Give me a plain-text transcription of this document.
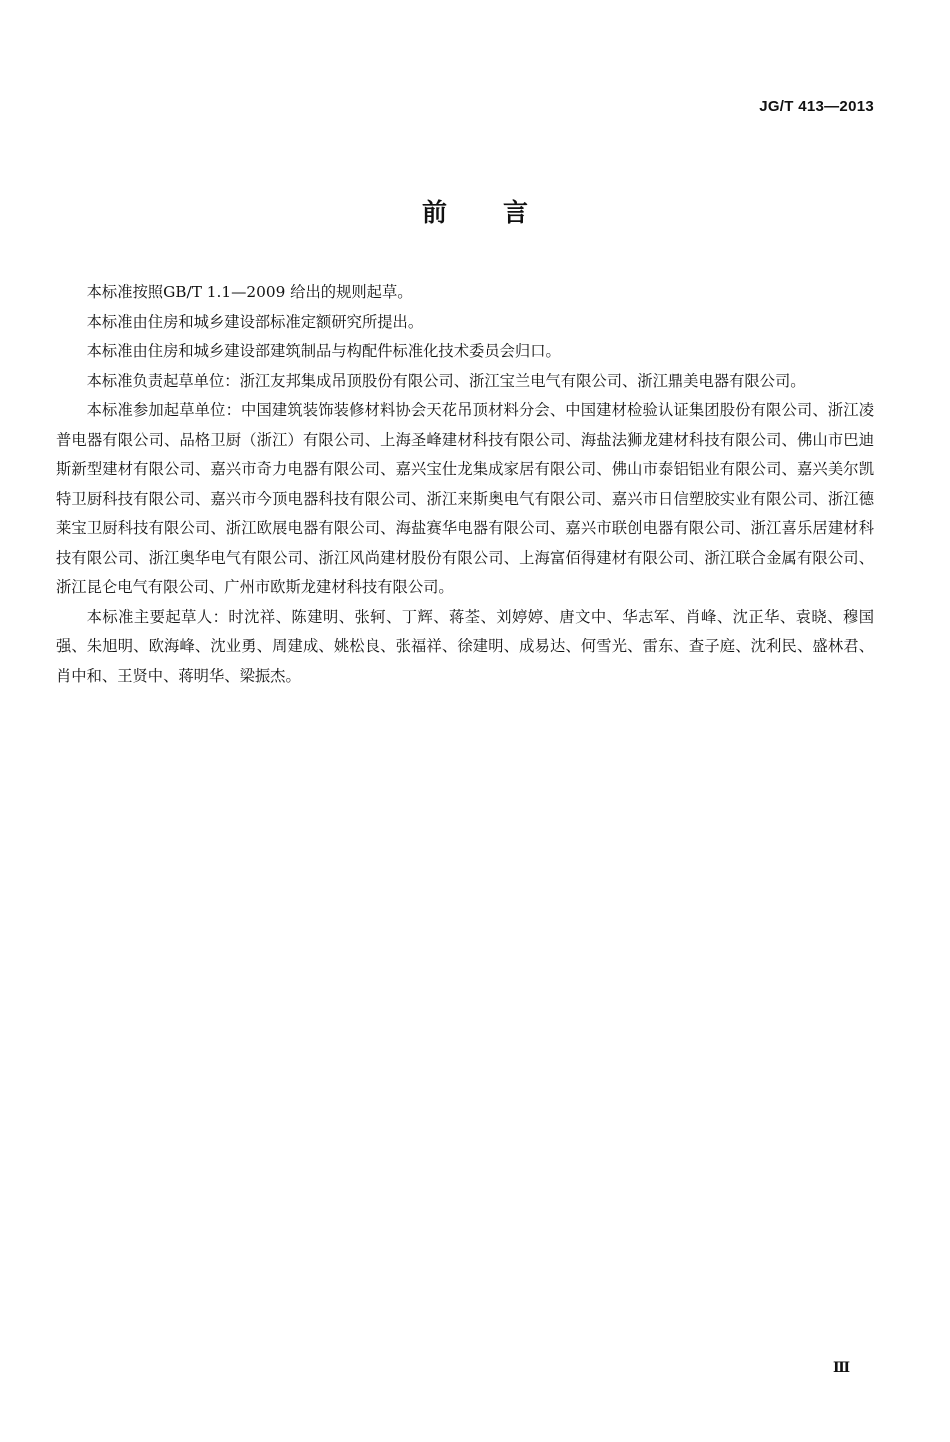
JG/T 413—2013
前言

本标准按照GB/T 1.1—2009 给出的规则起草。

本标准由住房和城乡建设部标准定额研究所提出。

本标准由住房和城乡建设部建筑制品与构配件标准化技术委员会归口。

本标准负责起草单位：浙江友邦集成吊顶股份有限公司、浙江宝兰电气有限公司、浙江鼎美电器有限公司。

本标准参加起草单位：中国建筑装饰装修材料协会天花吊顶材料分会、中国建材检验认证集团股份有限公司、浙江凌普电器有限公司、品格卫厨（浙江）有限公司、上海圣峰建材科技有限公司、海盐法狮龙建材科技有限公司、佛山市巴迪斯新型建材有限公司、嘉兴市奇力电器有限公司、嘉兴宝仕龙集成家居有限公司、佛山市泰铝铝业有限公司、嘉兴美尔凯特卫厨科技有限公司、嘉兴市今顶电器科技有限公司、浙江来斯奥电气有限公司、嘉兴市日信塑胶实业有限公司、浙江德莱宝卫厨科技有限公司、浙江欧展电器有限公司、海盐赛华电器有限公司、嘉兴市联创电器有限公司、浙江喜乐居建材科技有限公司、浙江奥华电气有限公司、浙江风尚建材股份有限公司、上海富佰得建材有限公司、浙江联合金属有限公司、浙江昆仑电气有限公司、广州市欧斯龙建材科技有限公司。

本标准主要起草人：时沈祥、陈建明、张轲、丁辉、蒋荃、刘婷婷、唐文中、华志军、肖峰、沈正华、袁晓、穆国强、朱旭明、欧海峰、沈业勇、周建成、姚松良、张福祥、徐建明、成易达、何雪光、雷东、查子庭、沈利民、盛林君、肖中和、王贤中、蒋明华、梁振杰。

Ⅲ
